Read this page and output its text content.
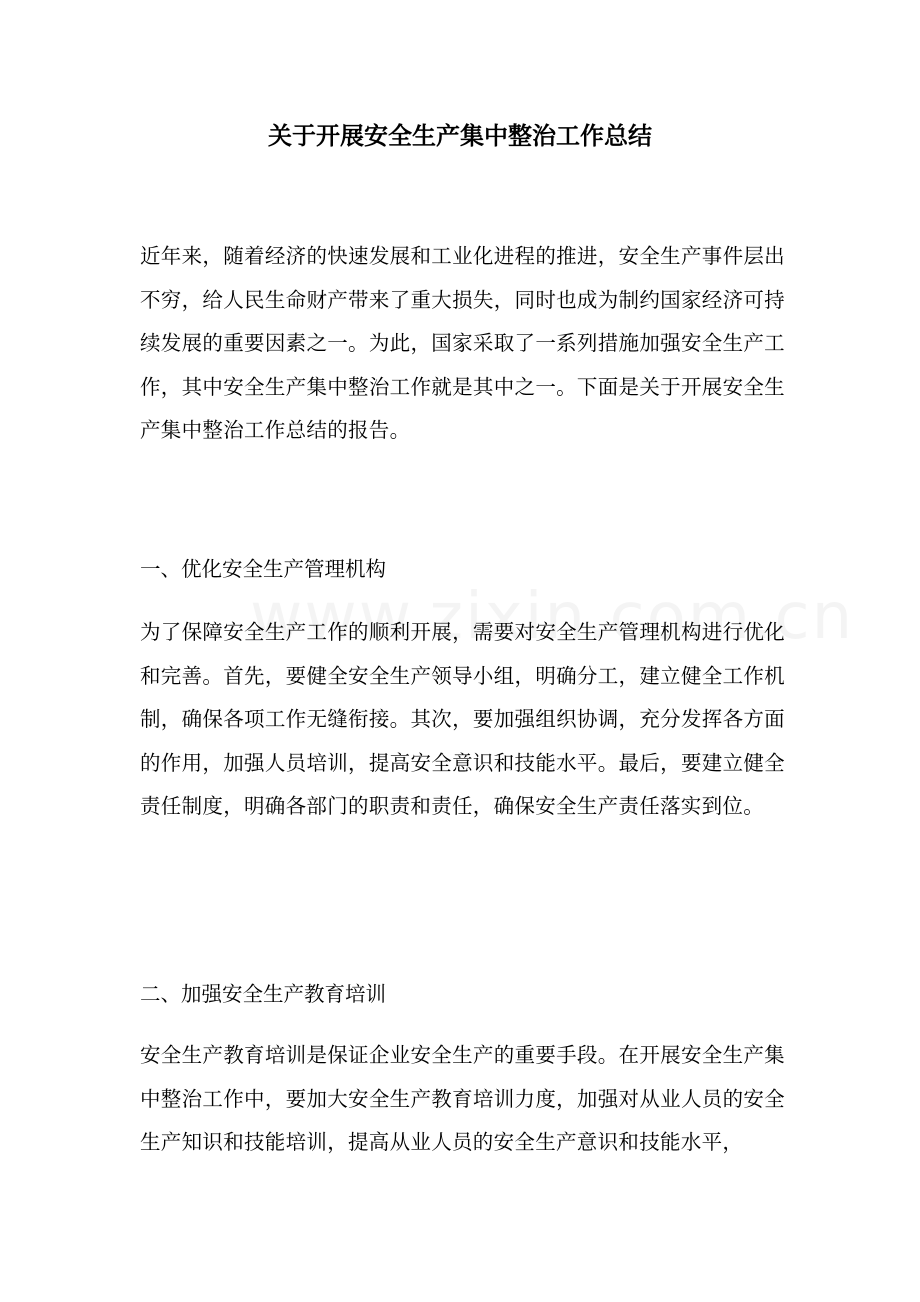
关于开展安全生产集中整治工作总结
近年来，随着经济的快速发展和工业化进程的推进，安全生产事件层出不穷，给人民生命财产带来了重大损失，同时也成为制约国家经济可持续发展的重要因素之一。为此，国家采取了一系列措施加强安全生产工作，其中安全生产集中整治工作就是其中之一。下面是关于开展安全生产集中整治工作总结的报告。
一、优化安全生产管理机构
为了保障安全生产工作的顺利开展，需要对安全生产管理机构进行优化和完善。首先，要健全安全生产领导小组，明确分工，建立健全工作机制，确保各项工作无缝衔接。其次，要加强组织协调，充分发挥各方面的作用，加强人员培训，提高安全意识和技能水平。最后，要建立健全责任制度，明确各部门的职责和责任，确保安全生产责任落实到位。
二、加强安全生产教育培训
安全生产教育培训是保证企业安全生产的重要手段。在开展安全生产集中整治工作中，要加大安全生产教育培训力度，加强对从业人员的安全生产知识和技能培训，提高从业人员的安全生产意识和技能水平，
